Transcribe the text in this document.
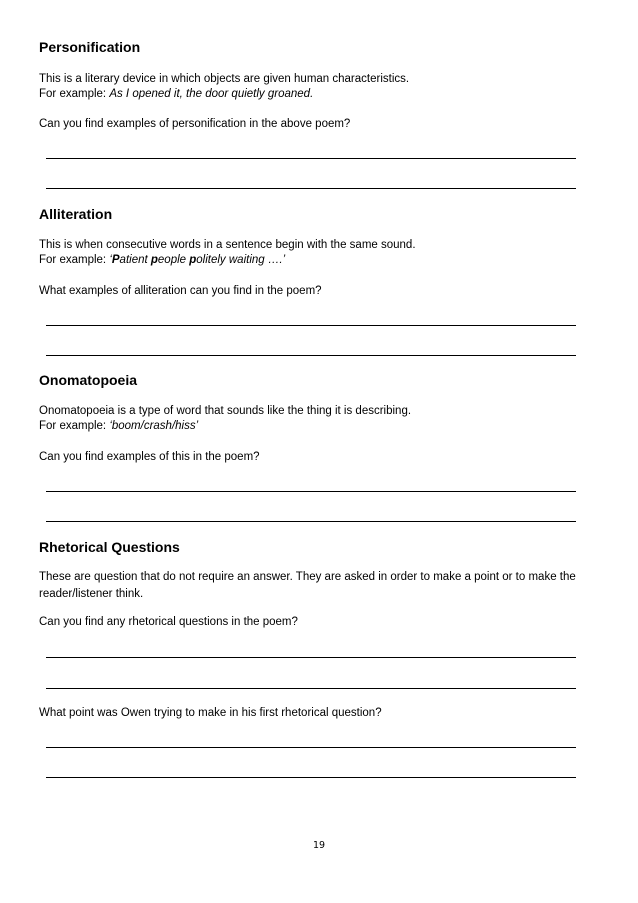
Personification
This is a literary device in which objects are given human characteristics.
For example: As I opened it, the door quietly groaned.
Can you find examples of personification in the above poem?
Alliteration
This is when consecutive words in a sentence begin with the same sound.
For example: ‘Patient people politely waiting ….’
What examples of alliteration can you find in the poem?
Onomatopoeia
Onomatopoeia is a type of word that sounds like the thing it is describing.
For example: ‘boom/crash/hiss’
Can you find examples of this in the poem?
Rhetorical Questions
These are question that do not require an answer. They are asked in order to make a point or to make the reader/listener think.
Can you find any rhetorical questions in the poem?
What point was Owen trying to make in his first rhetorical question?
19
